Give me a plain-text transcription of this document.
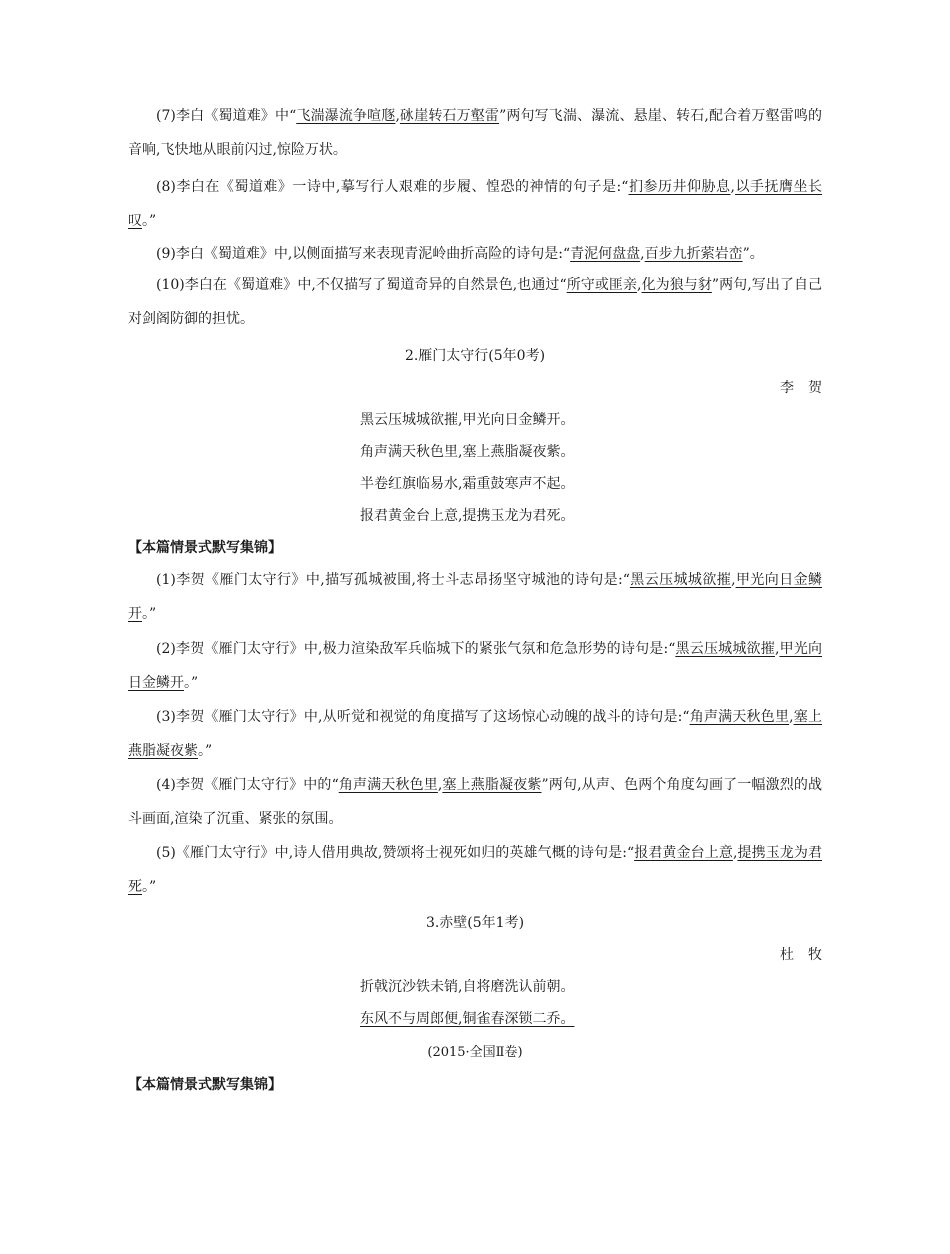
(7)李白《蜀道难》中“飞湍瀑流争喧豗,砯崖转石万壑雷”两句写飞湍、瀑流、悬崖、转石,配合着万壑雷鸣的音响,飞快地从眼前闪过,惊险万状。

(8)李白在《蜀道难》一诗中,摹写行人艰难的步履、惶恐的神情的句子是:“扪参历井仰胁息,以手抚膺坐长叹。”

(9)李白《蜀道难》中,以侧面描写来表现青泥岭曲折高险的诗句是:“青泥何盘盘,百步九折萦岩峦”。

(10)李白在《蜀道难》中,不仅描写了蜀道奇异的自然景色,也通过“所守或匪亲,化为狼与豺”两句,写出了自己对剑阁防御的担忧。

2.雁门太守行(5年0考)
李贺
黑云压城城欲摧,甲光向日金鳞开。
角声满天秋色里,塞上燕脂凝夜紫。
半卷红旗临易水,霜重鼓寒声不起。
报君黄金台上意,提携玉龙为君死。
【本篇情景式默写集锦】

(1)李贺《雁门太守行》中,描写孤城被围,将士斗志昂扬坚守城池的诗句是:“黑云压城城欲摧,甲光向日金鳞开。”

(2)李贺《雁门太守行》中,极力渲染敌军兵临城下的紧张气氛和危急形势的诗句是:“黑云压城城欲摧,甲光向日金鳞开。”

(3)李贺《雁门太守行》中,从听觉和视觉的角度描写了这场惊心动魄的战斗的诗句是:“角声满天秋色里,塞上燕脂凝夜紫。”

(4)李贺《雁门太守行》中的“角声满天秋色里,塞上燕脂凝夜紫”两句,从声、色两个角度勾画了一幅激烈的战斗画面,渲染了沉重、紧张的氛围。

(5)《雁门太守行》中,诗人借用典故,赞颂将士视死如归的英雄气概的诗句是:“报君黄金台上意,提携玉龙为君死。”

3.赤壁(5年1考)
杜牧
折戟沉沙铁未销,自将磨洗认前朝。
东风不与周郎便,铜雀春深锁二乔。
(2015·全国Ⅱ卷)
【本篇情景式默写集锦】
